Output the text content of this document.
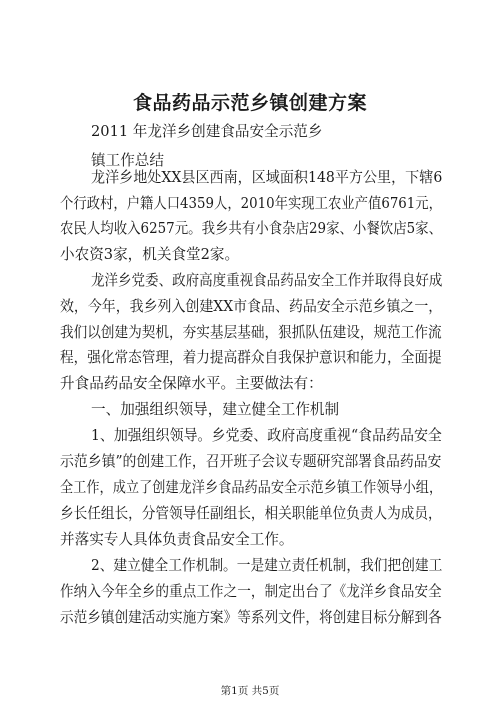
食品药品示范乡镇创建方案
2011 年龙洋乡创建食品安全示范乡
镇工作总结
龙洋乡地处XX县区西南，区域面积148平方公里，下辖6
个行政村，户籍人口4359人，2010年实现工农业产值6761元，
农民人均收入6257元。我乡共有小食杂店29家、小餐饮店5家、
小农资3家，机关食堂2家。
龙洋乡党委、政府高度重视食品药品安全工作并取得良好成
效，今年，我乡列入创建XX市食品、药品安全示范乡镇之一，
我们以创建为契机，夯实基层基础，狠抓队伍建设，规范工作流
程，强化常态管理，着力提高群众自我保护意识和能力，全面提
升食品药品安全保障水平。主要做法有：
一、加强组织领导，建立健全工作机制
1、加强组织领导。乡党委、政府高度重视“食品药品安全
示范乡镇”的创建工作，召开班子会议专题研究部署食品药品安
全工作，成立了创建龙洋乡食品药品安全示范乡镇工作领导小组，
乡长任组长，分管领导任副组长，相关职能单位负责人为成员，
并落实专人具体负责食品安全工作。
2、建立健全工作机制。一是建立责任机制，我们把创建工
作纳入今年全乡的重点工作之一，制定出台了《龙洋乡食品安全
示范乡镇创建活动实施方案》等系列文件，将创建目标分解到各
第1页 共5页
